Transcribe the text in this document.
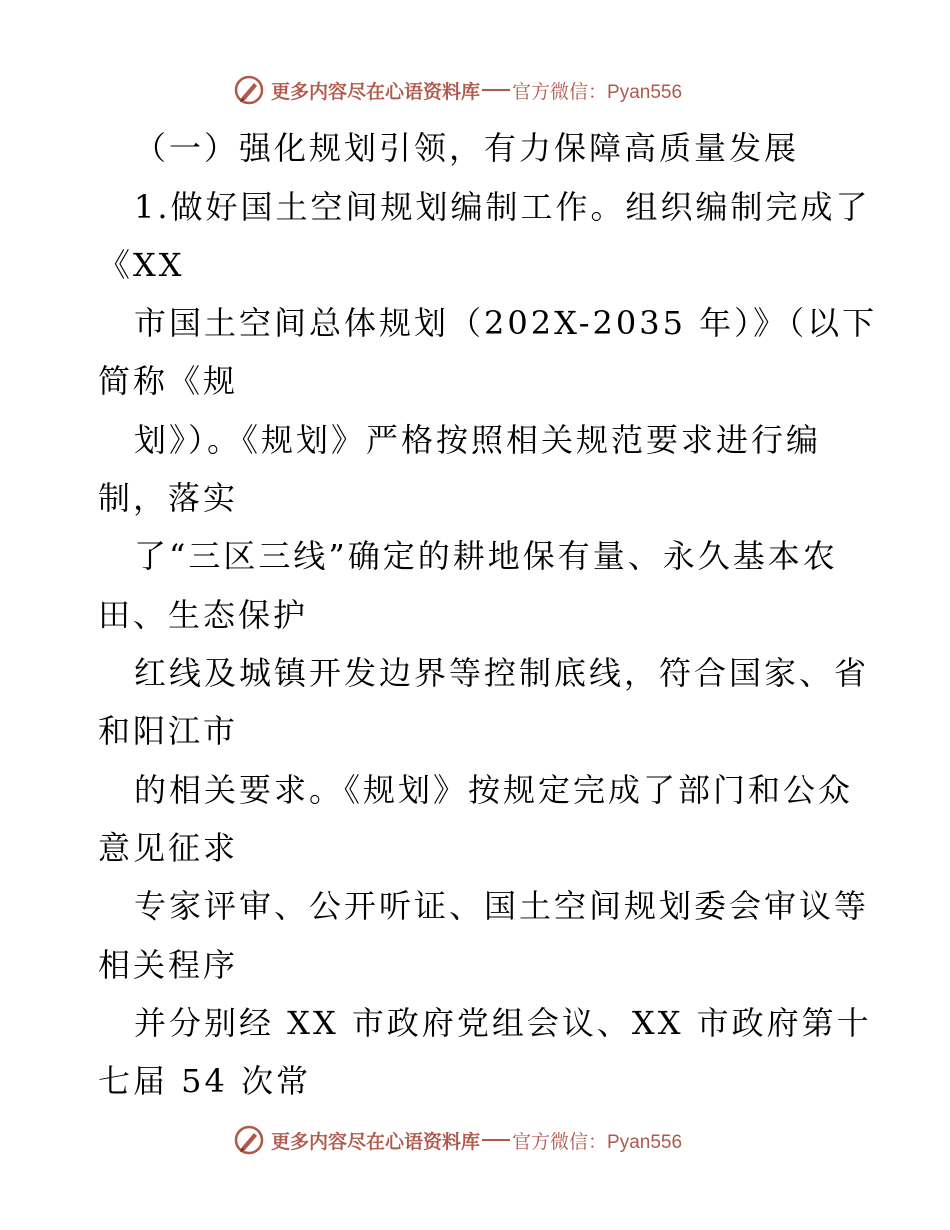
更多内容尽在心语资料库 官方微信：Pyan556
（一）强化规划引领，有力保障高质量发展
1.做好国土空间规划编制工作。组织编制完成了
《XX
市国土空间总体规划（202X-2035 年）》（以下
简称《规
划》）。《规划》严格按照相关规范要求进行编
制，落实
了“三区三线”确定的耕地保有量、永久基本农
田、生态保护
红线及城镇开发边界等控制底线，符合国家、省
和阳江市
的相关要求。《规划》按规定完成了部门和公众
意见征求
专家评审、公开听证、国土空间规划委会审议等
相关程序
并分别经 XX 市政府党组会议、XX 市政府第十
七届 54 次常
更多内容尽在心语资料库 官方微信：Pyan556
